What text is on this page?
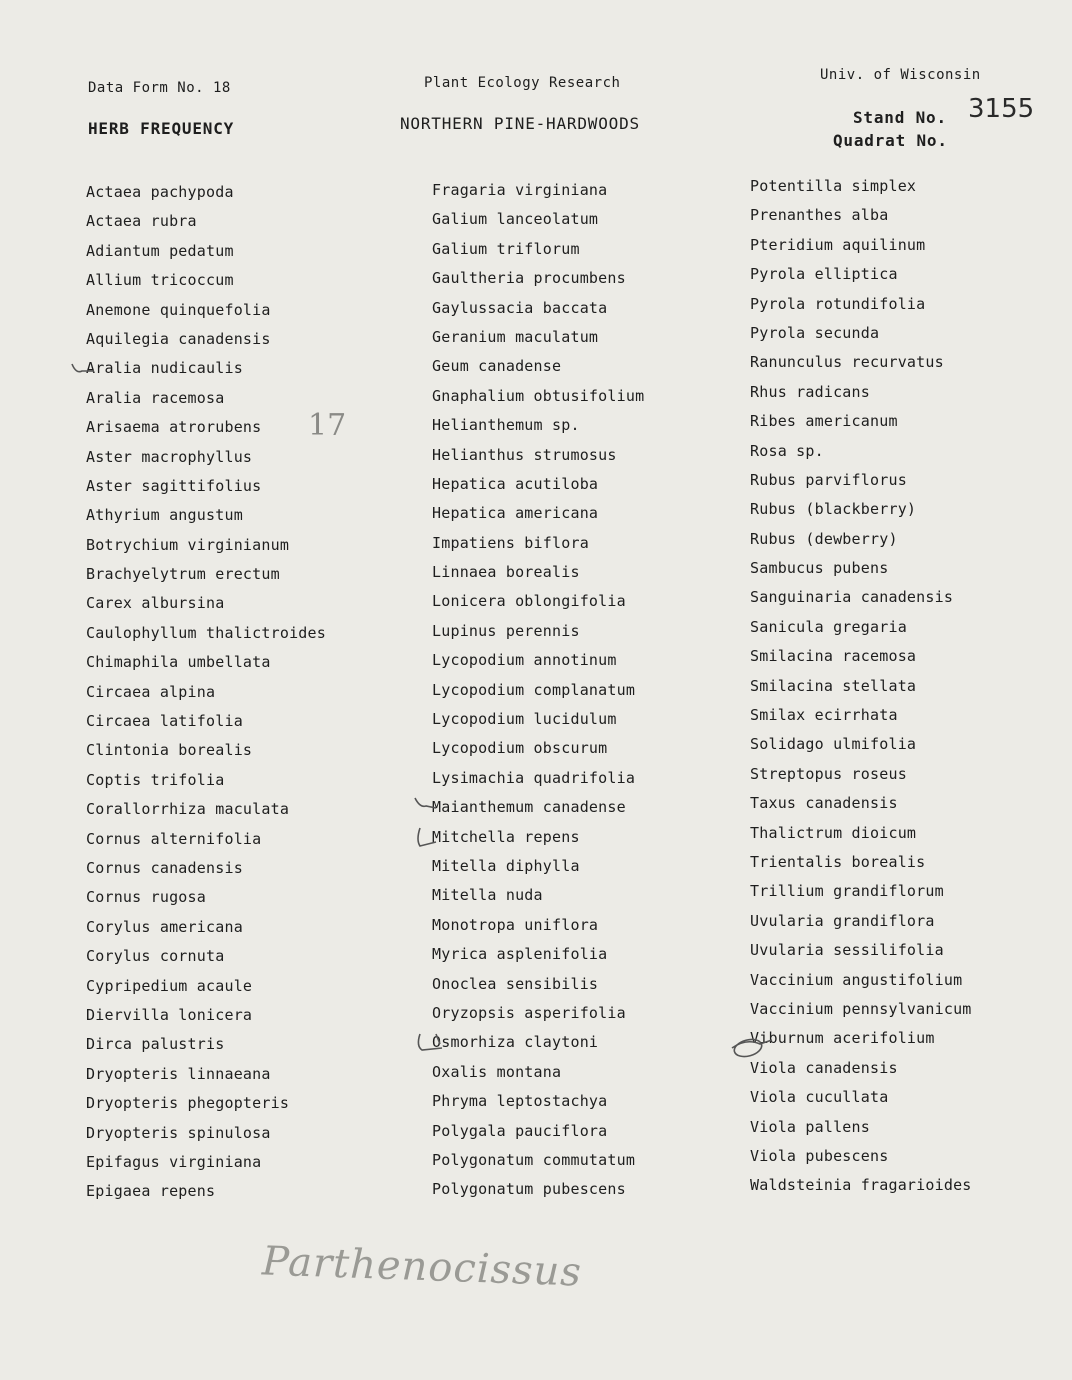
Data Form No. 18
HERB FREQUENCY
Plant Ecology Research
NORTHERN PINE-HARDWOODS
Univ. of Wisconsin
Stand No. 3155
Quadrat No.
Actaea pachypoda
Actaea rubra
Adiantum pedatum
Allium tricoccum
Anemone quinquefolia
Aquilegia canadensis
Aralia nudicaulis
Aralia racemosa
Arisaema atrorubens
Aster macrophyllus
Aster sagittifolius
Athyrium angustum
Botrychium virginianum
Brachyelytrum erectum
Carex albursina
Caulophyllum thalictroides
Chimaphila umbellata
Circaea alpina
Circaea latifolia
Clintonia borealis
Coptis trifolia
Corallorrhiza maculata
Cornus alternifolia
Cornus canadensis
Cornus rugosa
Corylus americana
Corylus cornuta
Cypripedium acaule
Diervilla lonicera
Dirca palustris
Dryopteris linnaeana
Dryopteris phegopteris
Dryopteris spinulosa
Epifagus virginiana
Epigaea repens
Fragaria virginiana
Galium lanceolatum
Galium triflorum
Gaultheria procumbens
Gaylussacia baccata
Geranium maculatum
Geum canadense
Gnaphalium obtusifolium
Helianthemum sp.
Helianthus strumosus
Hepatica acutiloba
Hepatica americana
Impatiens biflora
Linnaea borealis
Lonicera oblongifolia
Lupinus perennis
Lycopodium annotinum
Lycopodium complanatum
Lycopodium lucidulum
Lycopodium obscurum
Lysimachia quadrifolia
Maianthemum canadense
Mitchella repens
Mitella diphylla
Mitella nuda
Monotropa uniflora
Myrica asplenifolia
Onoclea sensibilis
Oryzopsis asperifolia
Osmorhiza claytoni
Oxalis montana
Phryma leptostachya
Polygala pauciflora
Polygonatum commutatum
Polygonatum pubescens
Potentilla simplex
Prenanthes alba
Pteridium aquilinum
Pyrola elliptica
Pyrola rotundifolia
Pyrola secunda
Ranunculus recurvatus
Rhus radicans
Ribes americanum
Rosa sp.
Rubus parviflorus
Rubus (blackberry)
Rubus (dewberry)
Sambucus pubens
Sanguinaria canadensis
Sanicula gregaria
Smilacina racemosa
Smilacina stellata
Smilax ecirrhata
Solidago ulmifolia
Streptopus roseus
Taxus canadensis
Thalictrum dioicum
Trientalis borealis
Trillium grandiflorum
Uvularia grandiflora
Uvularia sessilifolia
Vaccinium angustifolium
Vaccinium pennsylvanicum
Viburnum acerifolium
Viola canadensis
Viola cucullata
Viola pallens
Viola pubescens
Waldsteinia fragarioides
17
Parthenocissus
